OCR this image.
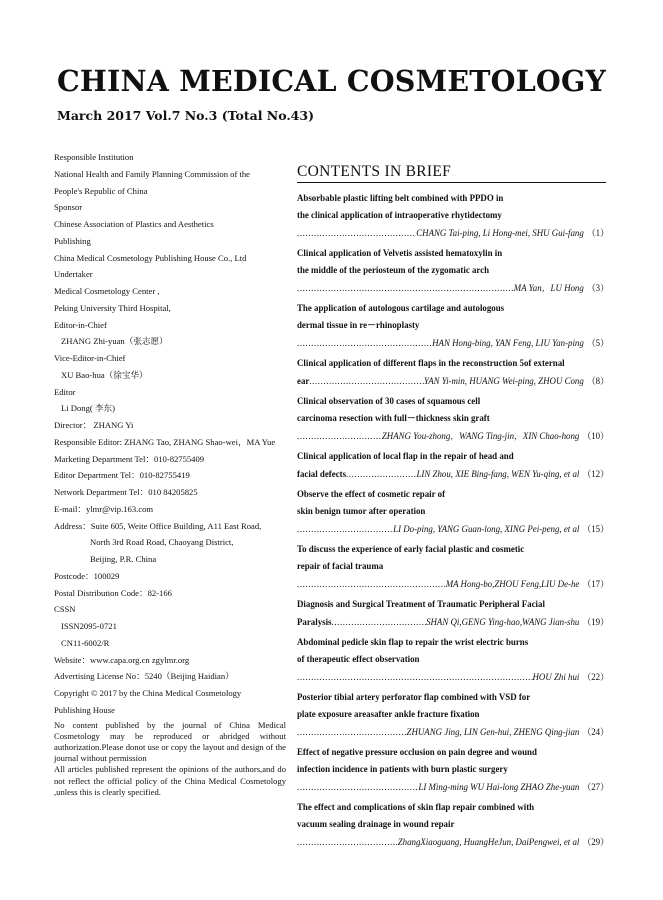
CHINA MEDICAL COSMETOLOGY
March 2017 Vol.7 No.3 (Total No.43)
Responsible Institution
National Health and Family Planning Commission of the
People's Republic of China
Sponsor
Chinese Association of Plastics and Aesthetics
Publishing
China Medical Cosmetology Publishing House Co., Ltd
Undertaker
Medical Cosmetology Center ,
Peking University Third Hospital,
Editor-in-Chief
ZHANG Zhi-yuan（张志愿）
Vice-Editor-in-Chief
XU Bao-hua（徐宝华）
Editor
Li Dong( 李东)
Director： ZHANG Yi
Responsible Editor: ZHANG Tao, ZHANG Shao-wei，MA Yue
Marketing Department Tel：010-82755409
Editor Department Tel：010-82755419
Network Department Tel：010 84205825
E-mail：ylmr@vip.163.com
Address：Suite 605, Weite Office Building, A11 East Road,
North 3rd Road Road, Chaoyang District,
Beijing, P.R. China
Postcode：100029
Postal Distribution Code：82-166
CSSN
ISSN2095-0721
CN11-6002/R
Website：www.capa.org.cn zgylmr.org
Advertising License No：5240（Beijing Haidian）
Copyright © 2017 by the China Medical Cosmetology
Publishing House
No content published by the journal of China Medical Cosmetology may be reproduced or abridged without authorization.Please donot use or copy the layout and design of the journal without permission
All articles published represent the opinions of the authors,and do not reflect the official policy of the China Medical Cosmetology ,unless this is clearly specified.
CONTENTS IN BRIEF
Absorbable plastic lifting belt combined with PPDO in
the clinical application of intraoperative rhytidectomy
.....
CHANG Tai-ping, Li Hong-mei, SHU Gui-fang （1）
Clinical application of Velvetis assisted hematoxylin in
the middle of the periosteum of the zygomatic arch
.....
MA Yan，LU Hong （3）
The application of autologous cartilage and autologous
dermal tissue in re－rhinoplasty
.....
HAN Hong-bing, YAN Feng, LIU Yan-ping （5）
Clinical application of different flaps in the reconstruction 5of external
ear .....	YAN Yi-min, HUANG Wei-ping, ZHOU Cong （8）
Clinical observation of 30 cases of squamous cell
carcinoma resection with full－thickness skin graft
.....
ZHANG You-zhong，WANG Ting-jin，XIN Chao-hong （10）
Clinical application of local flap in the repair of head and
facial defects .....	LIN Zhou, XIE Bing-fang, WEN Yu-qing, et al （12）
Observe the effect of cosmetic repair of
skin benign tumor after operation
.....
LI Do-ping, YANG Guan-long, XING Pei-peng, et al （15）
To discuss the experience of early facial plastic and cosmetic
repair of facial trauma
.....
MA Hong-bo,ZHOU Feng,LIU De-he （17）
Diagnosis and Surgical Treatment of Traumatic Peripheral Facial
Paralysis .....	SHAN Qi,GENG Ying-hao,WANG Jian-shu （19）
Abdominal pedicle skin flap to repair the wrist electric burns
of therapeutic effect observation
.....
HOU Zhi hui （22）
Posterior tibial artery perforator flap combined with VSD for
plate exposure areasafter ankle fracture fixation
.....
ZHUANG Jing, LIN Gen-hui, ZHENG Qing-jian （24）
Effect of negative pressure occlusion on pain degree and wound
infection incidence in patients with burn plastic surgery
.....
LI Ming-ming WU Hai-long ZHAO Zhe-yuan （27）
The effect and complications of skin flap repair combined with
vacuum sealing drainage in wound repair
.....
ZhangXiaoguang, HuangHeJun, DaiPengwei, et al （29）
